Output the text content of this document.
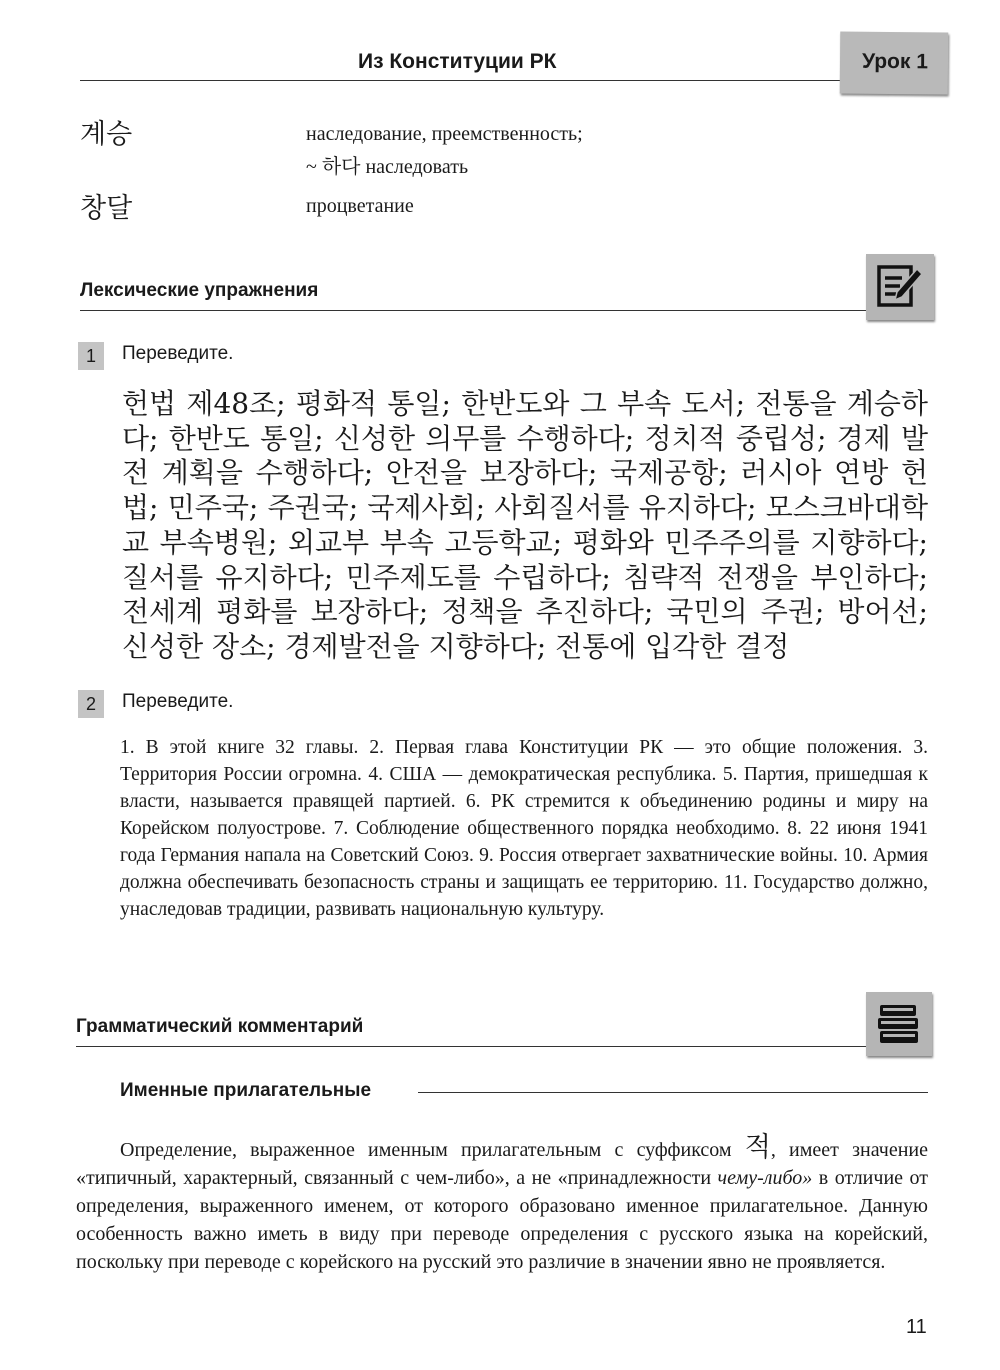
Из Конституции РК	Урок 1
계승	наследование, преемственность;
~ 하다 наследовать
창달	процветание
Лексические упражнения
1	Переведите.
헌법 제48조; 평화적 통일; 한반도와 그 부속 도서; 전통을 계승하다; 한반도 통일; 신성한 의무를 수행하다; 정치적 중립성; 경제 발전 계획을 수행하다; 안전을 보장하다; 국제공항; 러시아 연방 헌법; 민주국; 주권국; 국제사회; 사회질서를 유지하다; 모스크바대학교 부속병원; 외교부 부속 고등학교; 평화와 민주주의를 지향하다; 질서를 유지하다; 민주제도를 수립하다; 침략적 전쟁을 부인하다; 전세계 평화를 보장하다; 정책을 추진하다; 국민의 주권; 방어선; 신성한 장소; 경제발전을 지향하다; 전통에 입각한 결정
2	Переведите.
1. В этой книге 32 главы. 2. Первая глава Конституции РК — это общие положения. 3. Территория России огромна. 4. США — демократическая республика. 5. Партия, пришедшая к власти, называется правящей партией. 6. РК стремится к объединению родины и миру на Корейском полуострове. 7. Соблюдение общественного порядка необходимо. 8. 22 июня 1941 года Германия напала на Советский Союз. 9. Россия отвергает захватнические войны. 10. Армия должна обеспечивать безопасность страны и защищать ее территорию. 11. Государство должно, унаследовав традиции, развивать национальную культуру.
Грамматический комментарий
Именные прилагательные
Определение, выраженное именным прилагательным с суффиксом 적, имеет значение «типичный, характерный, связанный с чем-либо», а не «принадлежности чему-либо» в отличие от определения, выраженного именем, от которого образовано именное прилагательное. Данную особенность важно иметь в виду при переводе определения с русского языка на корейский, поскольку при переводе с корейского на русский это различие в значении явно не проявляется.
11
